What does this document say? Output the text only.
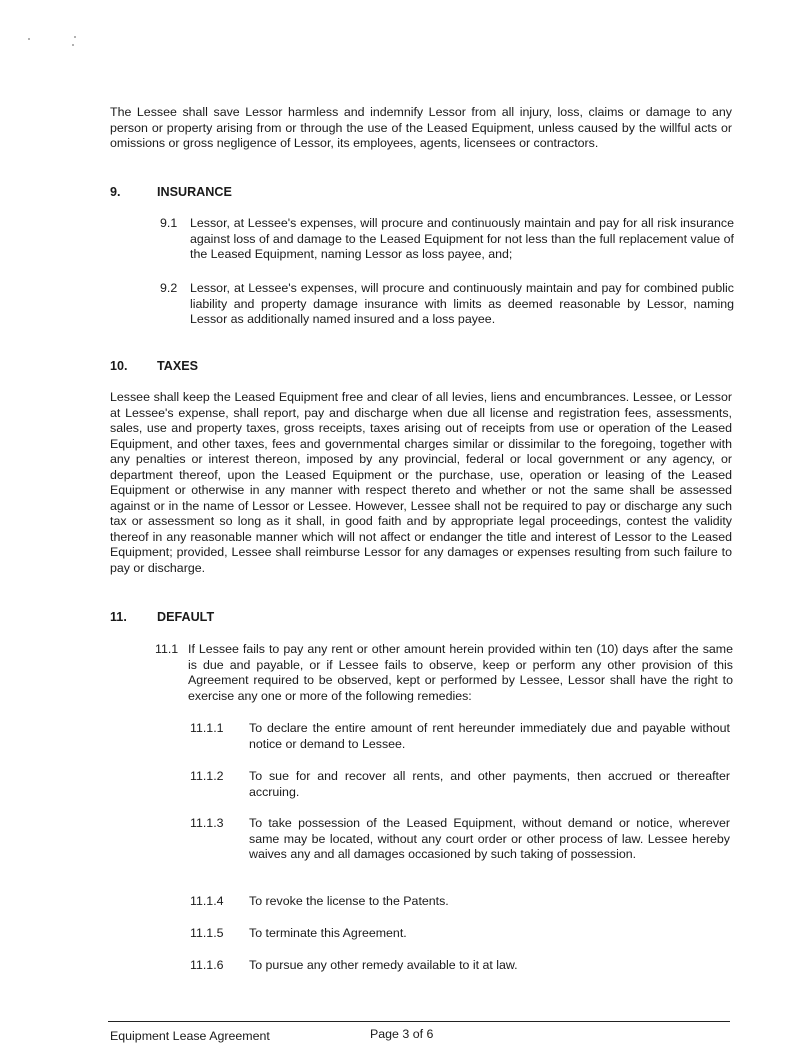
The Lessee shall save Lessor harmless and indemnify Lessor from all injury, loss, claims or damage to any person or property arising from or through the use of the Leased Equipment, unless caused by the willful acts or omissions or gross negligence of Lessor, its employees, agents, licensees or contractors.
9.	INSURANCE
9.1 Lessor, at Lessee's expenses, will procure and continuously maintain and pay for all risk insurance against loss of and damage to the Leased Equipment for not less than the full replacement value of the Leased Equipment, naming Lessor as loss payee, and;
9.2 Lessor, at Lessee's expenses, will procure and continuously maintain and pay for combined public liability and property damage insurance with limits as deemed reasonable by Lessor, naming Lessor as additionally named insured and a loss payee.
10. TAXES
Lessee shall keep the Leased Equipment free and clear of all levies, liens and encumbrances. Lessee, or Lessor at Lessee's expense, shall report, pay and discharge when due all license and registration fees, assessments, sales, use and property taxes, gross receipts, taxes arising out of receipts from use or operation of the Leased Equipment, and other taxes, fees and governmental charges similar or dissimilar to the foregoing, together with any penalties or interest thereon, imposed by any provincial, federal or local government or any agency, or department thereof, upon the Leased Equipment or the purchase, use, operation or leasing of the Leased Equipment or otherwise in any manner with respect thereto and whether or not the same shall be assessed against or in the name of Lessor or Lessee. However, Lessee shall not be required to pay or discharge any such tax or assessment so long as it shall, in good faith and by appropriate legal proceedings, contest the validity thereof in any reasonable manner which will not affect or endanger the title and interest of Lessor to the Leased Equipment; provided, Lessee shall reimburse Lessor for any damages or expenses resulting from such failure to pay or discharge.
11. DEFAULT
11.1 If Lessee fails to pay any rent or other amount herein provided within ten (10) days after the same is due and payable, or if Lessee fails to observe, keep or perform any other provision of this Agreement required to be observed, kept or performed by Lessee, Lessor shall have the right to exercise any one or more of the following remedies:
11.1.1 To declare the entire amount of rent hereunder immediately due and payable without notice or demand to Lessee.
11.1.2 To sue for and recover all rents, and other payments, then accrued or thereafter accruing.
11.1.3 To take possession of the Leased Equipment, without demand or notice, wherever same may be located, without any court order or other process of law. Lessee hereby waives any and all damages occasioned by such taking of possession.
11.1.4 To revoke the license to the Patents.
11.1.5 To terminate this Agreement.
11.1.6 To pursue any other remedy available to it at law.
Equipment Lease Agreement	Page 3 of 6
